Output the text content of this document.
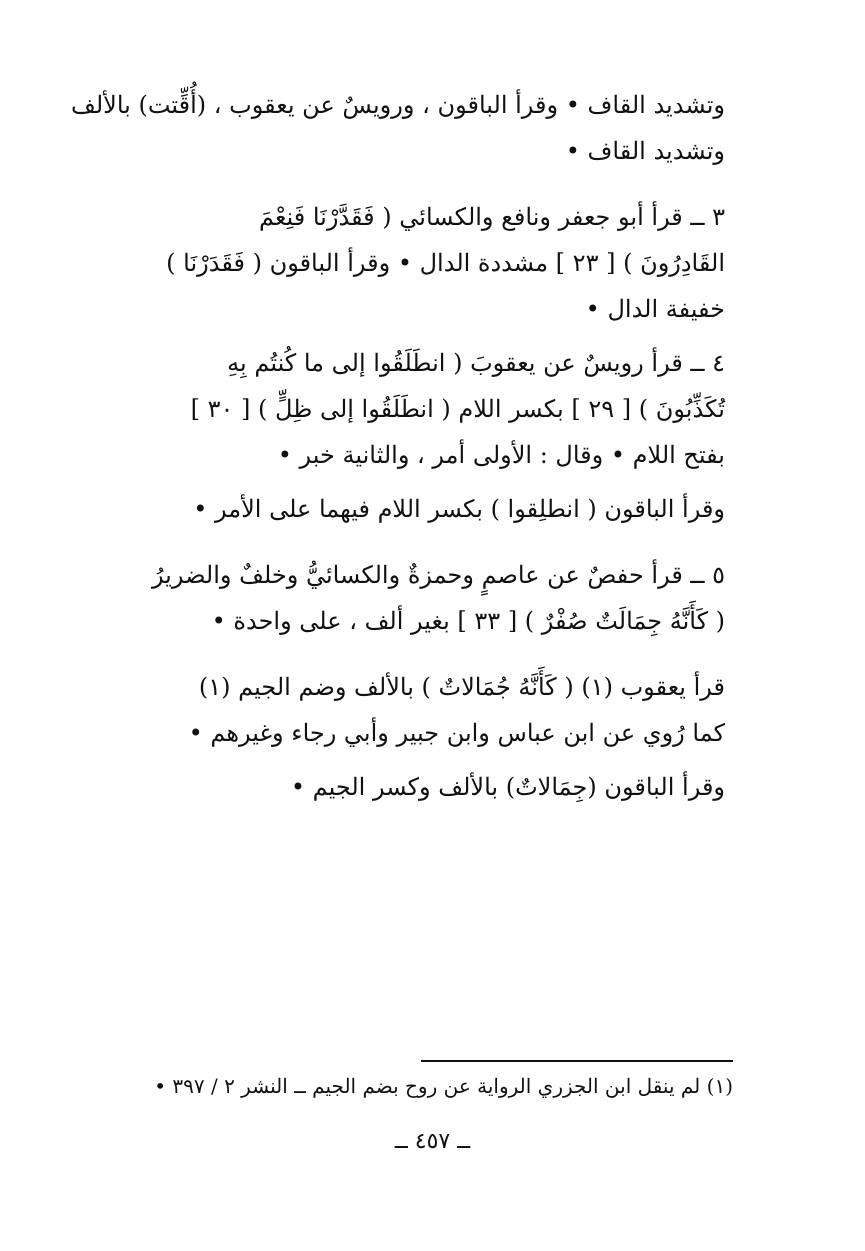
وتشديد القاف • وقرأ الباقون ، ورويسٌ عن يعقوب ، (أُقِّتت) بالألف
وتشديد القاف •
٣ ــ قرأ أبو جعفر ونافع والكسائي ( فَقَدَّرْنَا فَنِعْمَ
القَادِرُونَ ) [ ٢٣ ] مشددة الدال • وقرأ الباقون ( فَقَدَرْنَا )
خفيفة الدال •
٤ ــ قرأ رويسٌ عن يعقوبَ ( انطَلَقُوا إلى ما كُنتُم بِهِ
تُكَذِّبُونَ ) [ ٢٩ ] بكسر اللام ( انطَلَقُوا إلى ظِلٍّ ) [ ٣٠ ]
بفتح اللام • وقال : الأولى أمر ، والثانية خبر •
وقرأ الباقون ( انطلِقوا ) بكسر اللام فيهما على الأمر •
٥ ــ قرأ حفصٌ عن عاصمٍ وحمزةٌ والكسائيُّ وخلفٌ والضريرُ
( كَأَنَّهُ جِمَالَتٌ صُفْرٌ ) [ ٣٣ ] بغير ألف ، على واحدة •
قرأ يعقوب (١) ( كَأَنَّهُ جُمَالاتٌ ) بالألف وضم الجيم (١)
كما رُوي عن ابن عباس وابن جبير وأبي رجاء وغيرهم •
وقرأ الباقون (جِمَالاتٌ) بالألف وكسر الجيم •
(١) لم ينقل ابن الجزري الرواية عن روح بضم الجيم ــ النشر ٢ / ٣٩٧ •
ــ ٤٥٧ ــ
